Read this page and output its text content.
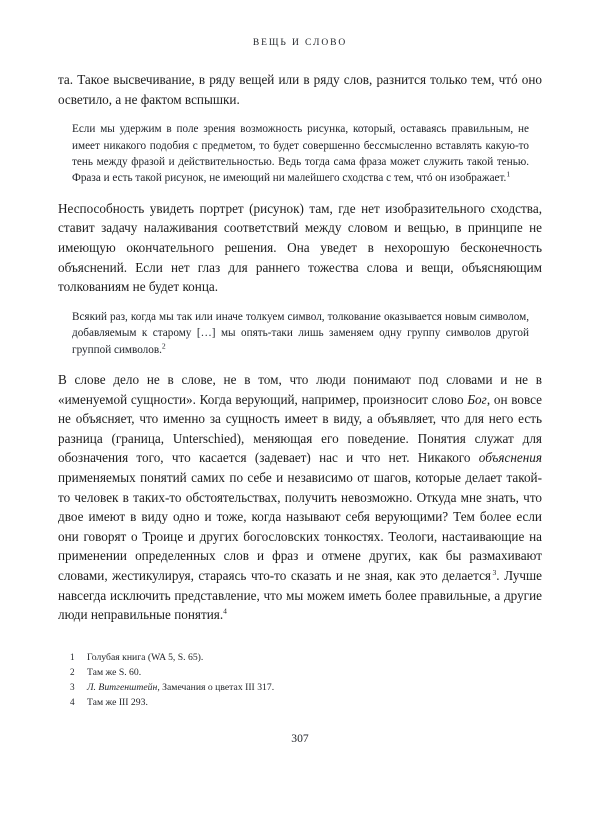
ВЕЩЬ И СЛОВО

та. Такое высвечивание, в ряду вещей или в ряду слов, разнится только тем, чтó оно осветило, а не фактом вспышки.

Если мы удержим в поле зрения возможность рисунка, который, оставаясь правильным, не имеет никакого подобия с предметом, то будет совершенно бессмысленно вставлять какую-то тень между фразой и действительностью. Ведь тогда сама фраза может служить такой тенью. Фраза и есть такой рисунок, не имеющий ни малейшего сходства с тем, чтó он изображает.$^1$

Неспособность увидеть портрет (рисунок) там, где нет изобразительного сходства, ставит задачу налаживания соответствий между словом и вещью, в принципе не имеющую окончательного решения. Она уведет в нехорошую бесконечность объяснений. Если нет глаз для раннего тожества слова и вещи, объясняющим толкованиям не будет конца.

Всякий раз, когда мы так или иначе толкуем символ, толкование оказывается новым символом, добавляемым к старому […] мы опять-таки лишь заменяем одну группу символов другой группой символов.$^2$

В слове дело не в слове, не в том, что люди понимают под словами и не в «именуемой сущности». Когда верующий, например, произносит слово Бог, он вовсе не объясняет, что именно за сущность имеет в виду, а объявляет, что для него есть разница (граница, Unterschied), меняющая его поведение. Понятия служат для обозначения того, что касается (задевает) нас и что нет. Никакого объяснения применяемых понятий самих по себе и независимо от шагов, которые делает такой-то человек в таких-то обстоятельствах, получить невозможно. Откуда мне знать, что двое имеют в виду одно и тоже, когда называют себя верующими? Тем более если они говорят о Троице и других богословских тонкостях. Теологи, настаивающие на применении определенных слов и фраз и отмене других, как бы размахивают словами, жестикулируя, стараясь что-то сказать и не зная, как это делается $^3$. Лучше навсегда исключить представление, что мы можем иметь более правильные, а другие люди неправильные понятия.$^4$

1	Голубая книга (WA 5, S. 65).
2	Там же S. 60.
3	Л. Витгенштейн, Замечания о цветах III 317.
4	Там же III 293.
307
